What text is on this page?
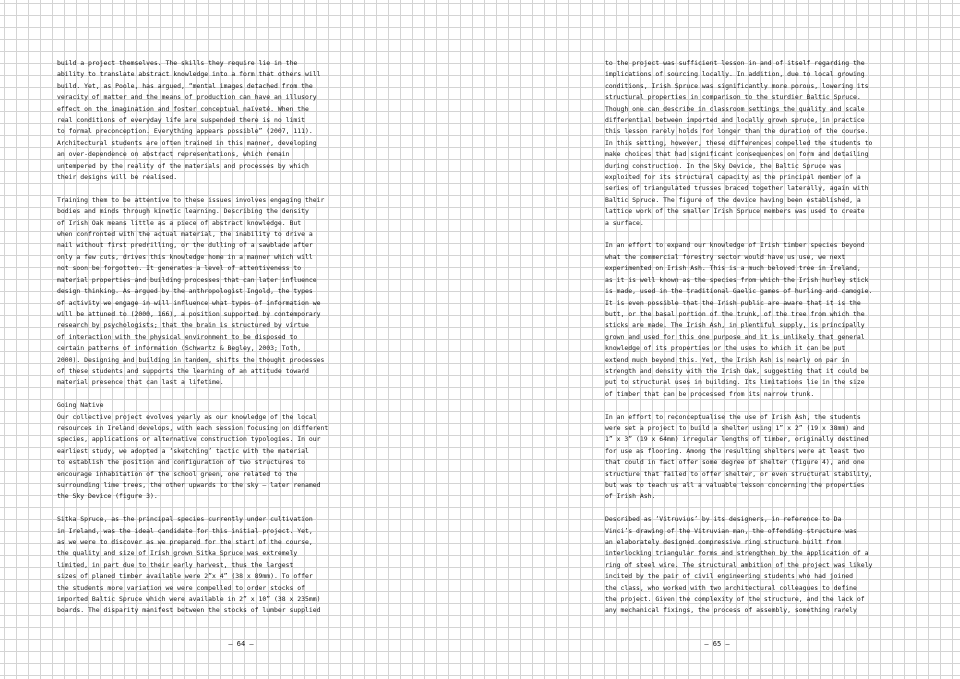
build a project themselves. The skills they require lie in the
ability to translate abstract knowledge into a form that others will
build. Yet, as Poole, has argued, “mental images detached from the
veracity of matter and the means of production can have an illusory
effect on the imagination and foster conceptual naïveté. When the
real conditions of everyday life are suspended there is no limit
to formal preconception. Everything appears possible” (2007, 111).
Architectural students are often trained in this manner, developing
an over-dependence on abstract representations, which remain
untempered by the reality of the materials and processes by which
their designs will be realised.

Training them to be attentive to these issues involves engaging their
bodies and minds through kinetic learning. Describing the density
of Irish Oak means little as a piece of abstract knowledge. But
when confronted with the actual material, the inability to drive a
nail without first predrilling, or the dulling of a sawblade after
only a few cuts, drives this knowledge home in a manner which will
not soon be forgotten. It generates a level of attentiveness to
material properties and building processes that can later influence
design thinking. As argued by the anthropologist Ingold, the types
of activity we engage in will influence what types of information we
will be attuned to (2000, 166), a position supported by contemporary
research by psychologists; that the brain is structured by virtue
of interaction with the physical environment to be disposed to
certain patterns of information (Schwartz & Begley, 2003; Toth,
2000). Designing and building in tandem, shifts the thought processes
of these students and supports the learning of an attitude toward
material presence that can last a lifetime.

Going Native

Our collective project evolves yearly as our knowledge of the local
resources in Ireland develops, with each session focusing on different
species, applications or alternative construction typologies. In our
earliest study, we adopted a ‘sketching’ tactic with the material
to establish the position and configuration of two structures to
encourage inhabitation of the school green, one related to the
surrounding lime trees, the other upwards to the sky – later renamed
the Sky Device (figure 3).

Sitka Spruce, as the principal species currently under cultivation
in Ireland, was the ideal candidate for this initial project. Yet,
as we were to discover as we prepared for the start of the course,
the quality and size of Irish grown Sitka Spruce was extremely
limited, in part due to their early harvest, thus the largest
sizes of planed timber available were 2”x 4” (38 x 89mm). To offer
the students more variation we were compelled to order stocks of
imported Baltic Spruce which were available in 2” x 10” (38 x 235mm)
boards. The disparity manifest between the stocks of lumber supplied

to the project was sufficient lesson in and of itself regarding the
implications of sourcing locally. In addition, due to local growing
conditions, Irish Spruce was significantly more porous, lowering its
structural properties in comparison to the sturdier Baltic Spruce.
Though one can describe in classroom settings the quality and scale
differential between imported and locally grown spruce, in practice
this lesson rarely holds for longer than the duration of the course.
In this setting, however, these differences compelled the students to
make choices that had significant consequences on form and detailing
during construction. In the Sky Device, the Baltic Spruce was
exploited for its structural capacity as the principal member of a
series of triangulated trusses braced together laterally, again with
Baltic Spruce. The figure of the device having been established, a
lattice work of the smaller Irish Spruce members was used to create
a surface.

In an effort to expand our knowledge of Irish timber species beyond
what the commercial forestry sector would have us use, we next
experimented on Irish Ash. This is a much beloved tree in Ireland,
as it is well known as the species from which the Irish hurley stick
is made, used in the traditional Gaelic games of hurling and camogie.
It is even possible that the Irish public are aware that it is the
butt, or the basal portion of the trunk, of the tree from which the
sticks are made. The Irish Ash, in plentiful supply, is principally
grown and used for this one purpose and it is unlikely that general
knowledge of its properties or the uses to which it can be put
extend much beyond this. Yet, the Irish Ash is nearly on par in
strength and density with the Irish Oak, suggesting that it could be
put to structural uses in building. Its limitations lie in the size
of timber that can be processed from its narrow trunk.

In an effort to reconceptualise the use of Irish Ash, the students
were set a project to build a shelter using 1” x 2” (19 x 38mm) and
1” x 3” (19 x 64mm) irregular lengths of timber, originally destined
for use as flooring. Among the resulting shelters were at least two
that could in fact offer some degree of shelter (figure 4), and one
structure that failed to offer shelter, or even structural stability,
but was to teach us all a valuable lesson concerning the properties
of Irish Ash.

Described as ‘Vitruvius’ by its designers, in reference to Da
Vinci’s drawing of the Vitruvian man, the offending structure was
an elaborately designed compressive ring structure built from
interlocking triangular forms and strengthen by the application of a
ring of steel wire. The structural ambition of the project was likely
incited by the pair of civil engineering students who had joined
the class, who worked with two architectural colleagues to define
the project. Given the complexity of the structure, and the lack of
any mechanical fixings, the process of assembly, something rarely

– 64 –	– 65 –
